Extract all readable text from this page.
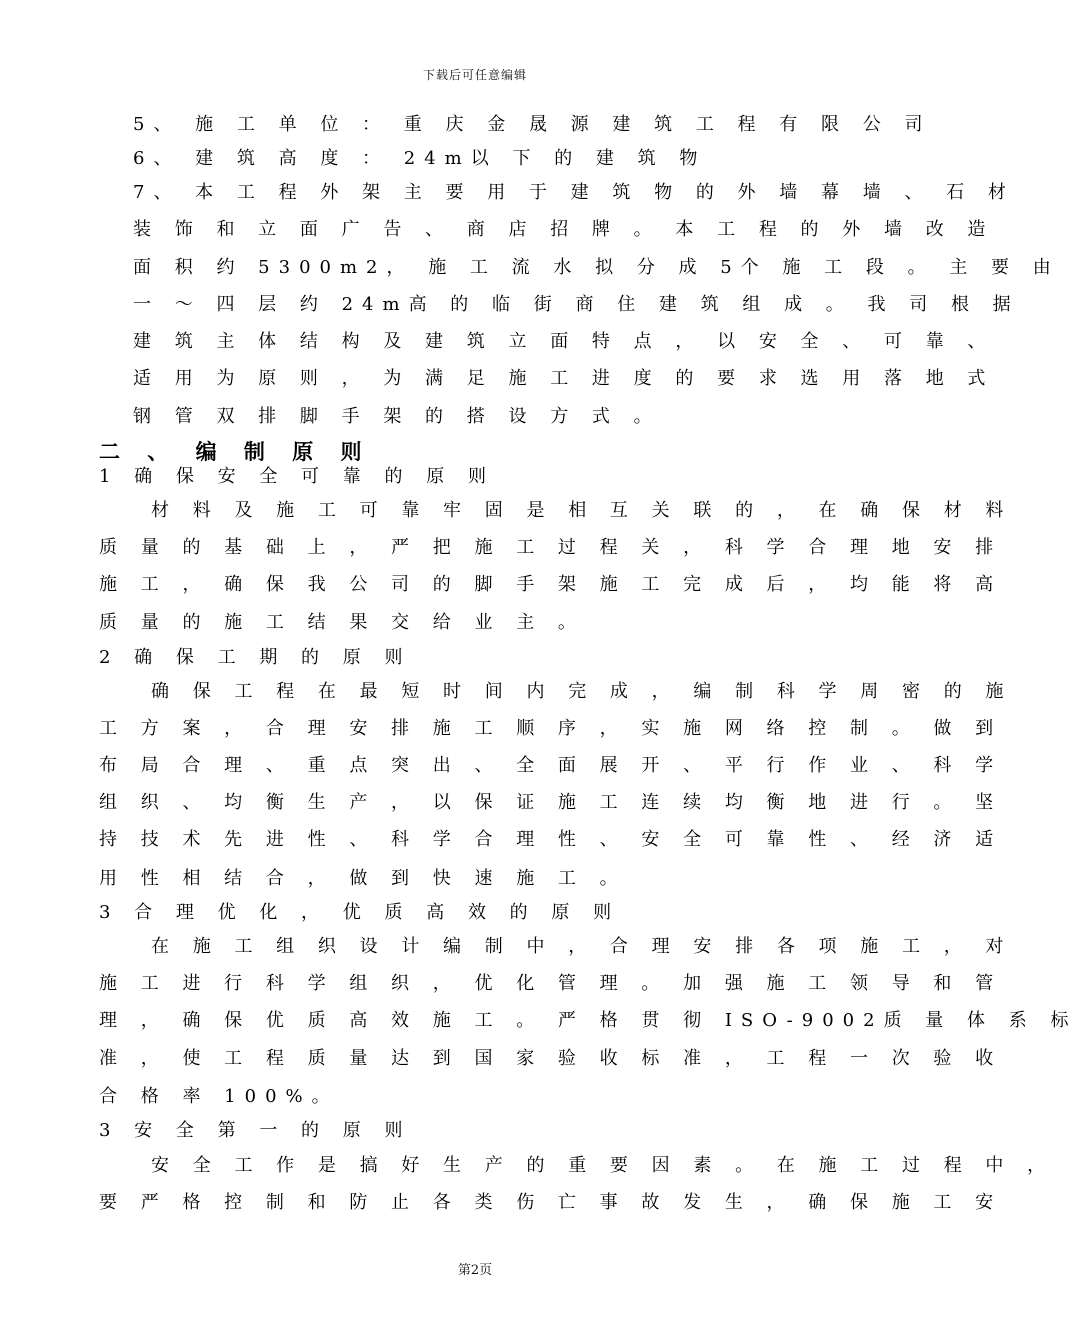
下载后可任意编辑
5、 施 工 单 位 ： 重 庆 金 晟 源 建 筑 工 程 有 限 公 司
6、 建 筑 高 度 ： 24m以 下 的 建 筑 物
7、 本 工 程 外 架 主 要 用 于 建 筑 物 的 外 墙 幕 墙 、 石 材
装 饰 和 立 面 广 告 、 商 店 招 牌 。 本 工 程 的 外 墙 改 造
面 积 约 5300m2， 施 工 流 水 拟 分 成 5个 施 工 段 。 主 要 由
一 ～ 四 层 约 24m高 的 临 街 商 住 建 筑 组 成 。 我 司 根 据
建 筑 主 体 结 构 及 建 筑 立 面 特 点 ， 以 安 全 、 可 靠 、
适 用 为 原 则 ， 为 满 足 施 工 进 度 的 要 求 选 用 落 地 式
钢 管 双 排 脚 手 架 的 搭 设 方 式 。
二 、 编 制 原 则
1 确 保 安 全 可 靠 的 原 则
材 料 及 施 工 可 靠 牢 固 是 相 互 关 联 的 ， 在 确 保 材 料
质 量 的 基 础 上 ， 严 把 施 工 过 程 关 ， 科 学 合 理 地 安 排
施 工 ， 确 保 我 公 司 的 脚 手 架 施 工 完 成 后 ， 均 能 将 高
质 量 的 施 工 结 果 交 给 业 主 。
2 确 保 工 期 的 原 则
确 保 工 程 在 最 短 时 间 内 完 成 ， 编 制 科 学 周 密 的 施
工 方 案 ， 合 理 安 排 施 工 顺 序 ， 实 施 网 络 控 制 。 做 到
布 局 合 理 、 重 点 突 出 、 全 面 展 开 、 平 行 作 业 、 科 学
组 织 、 均 衡 生 产 ， 以 保 证 施 工 连 续 均 衡 地 进 行 。 坚
持 技 术 先 进 性 、 科 学 合 理 性 、 安 全 可 靠 性 、 经 济 适
用 性 相 结 合 ， 做 到 快 速 施 工 。
3 合 理 优 化 ， 优 质 高 效 的 原 则
在 施 工 组 织 设 计 编 制 中 ， 合 理 安 排 各 项 施 工 ， 对
施 工 进 行 科 学 组 织 ， 优 化 管 理 。 加 强 施 工 领 导 和 管
理 ， 确 保 优 质 高 效 施 工 。 严 格 贯 彻 ISO-9002质 量 体 系 标
准 ， 使 工 程 质 量 达 到 国 家 验 收 标 准 ， 工 程 一 次 验 收
合 格 率 100%。
3 安 全 第 一 的 原 则
安 全 工 作 是 搞 好 生 产 的 重 要 因 素 。 在 施 工 过 程 中 ，
要 严 格 控 制 和 防 止 各 类 伤 亡 事 故 发 生 ， 确 保 施 工 安
第2页
